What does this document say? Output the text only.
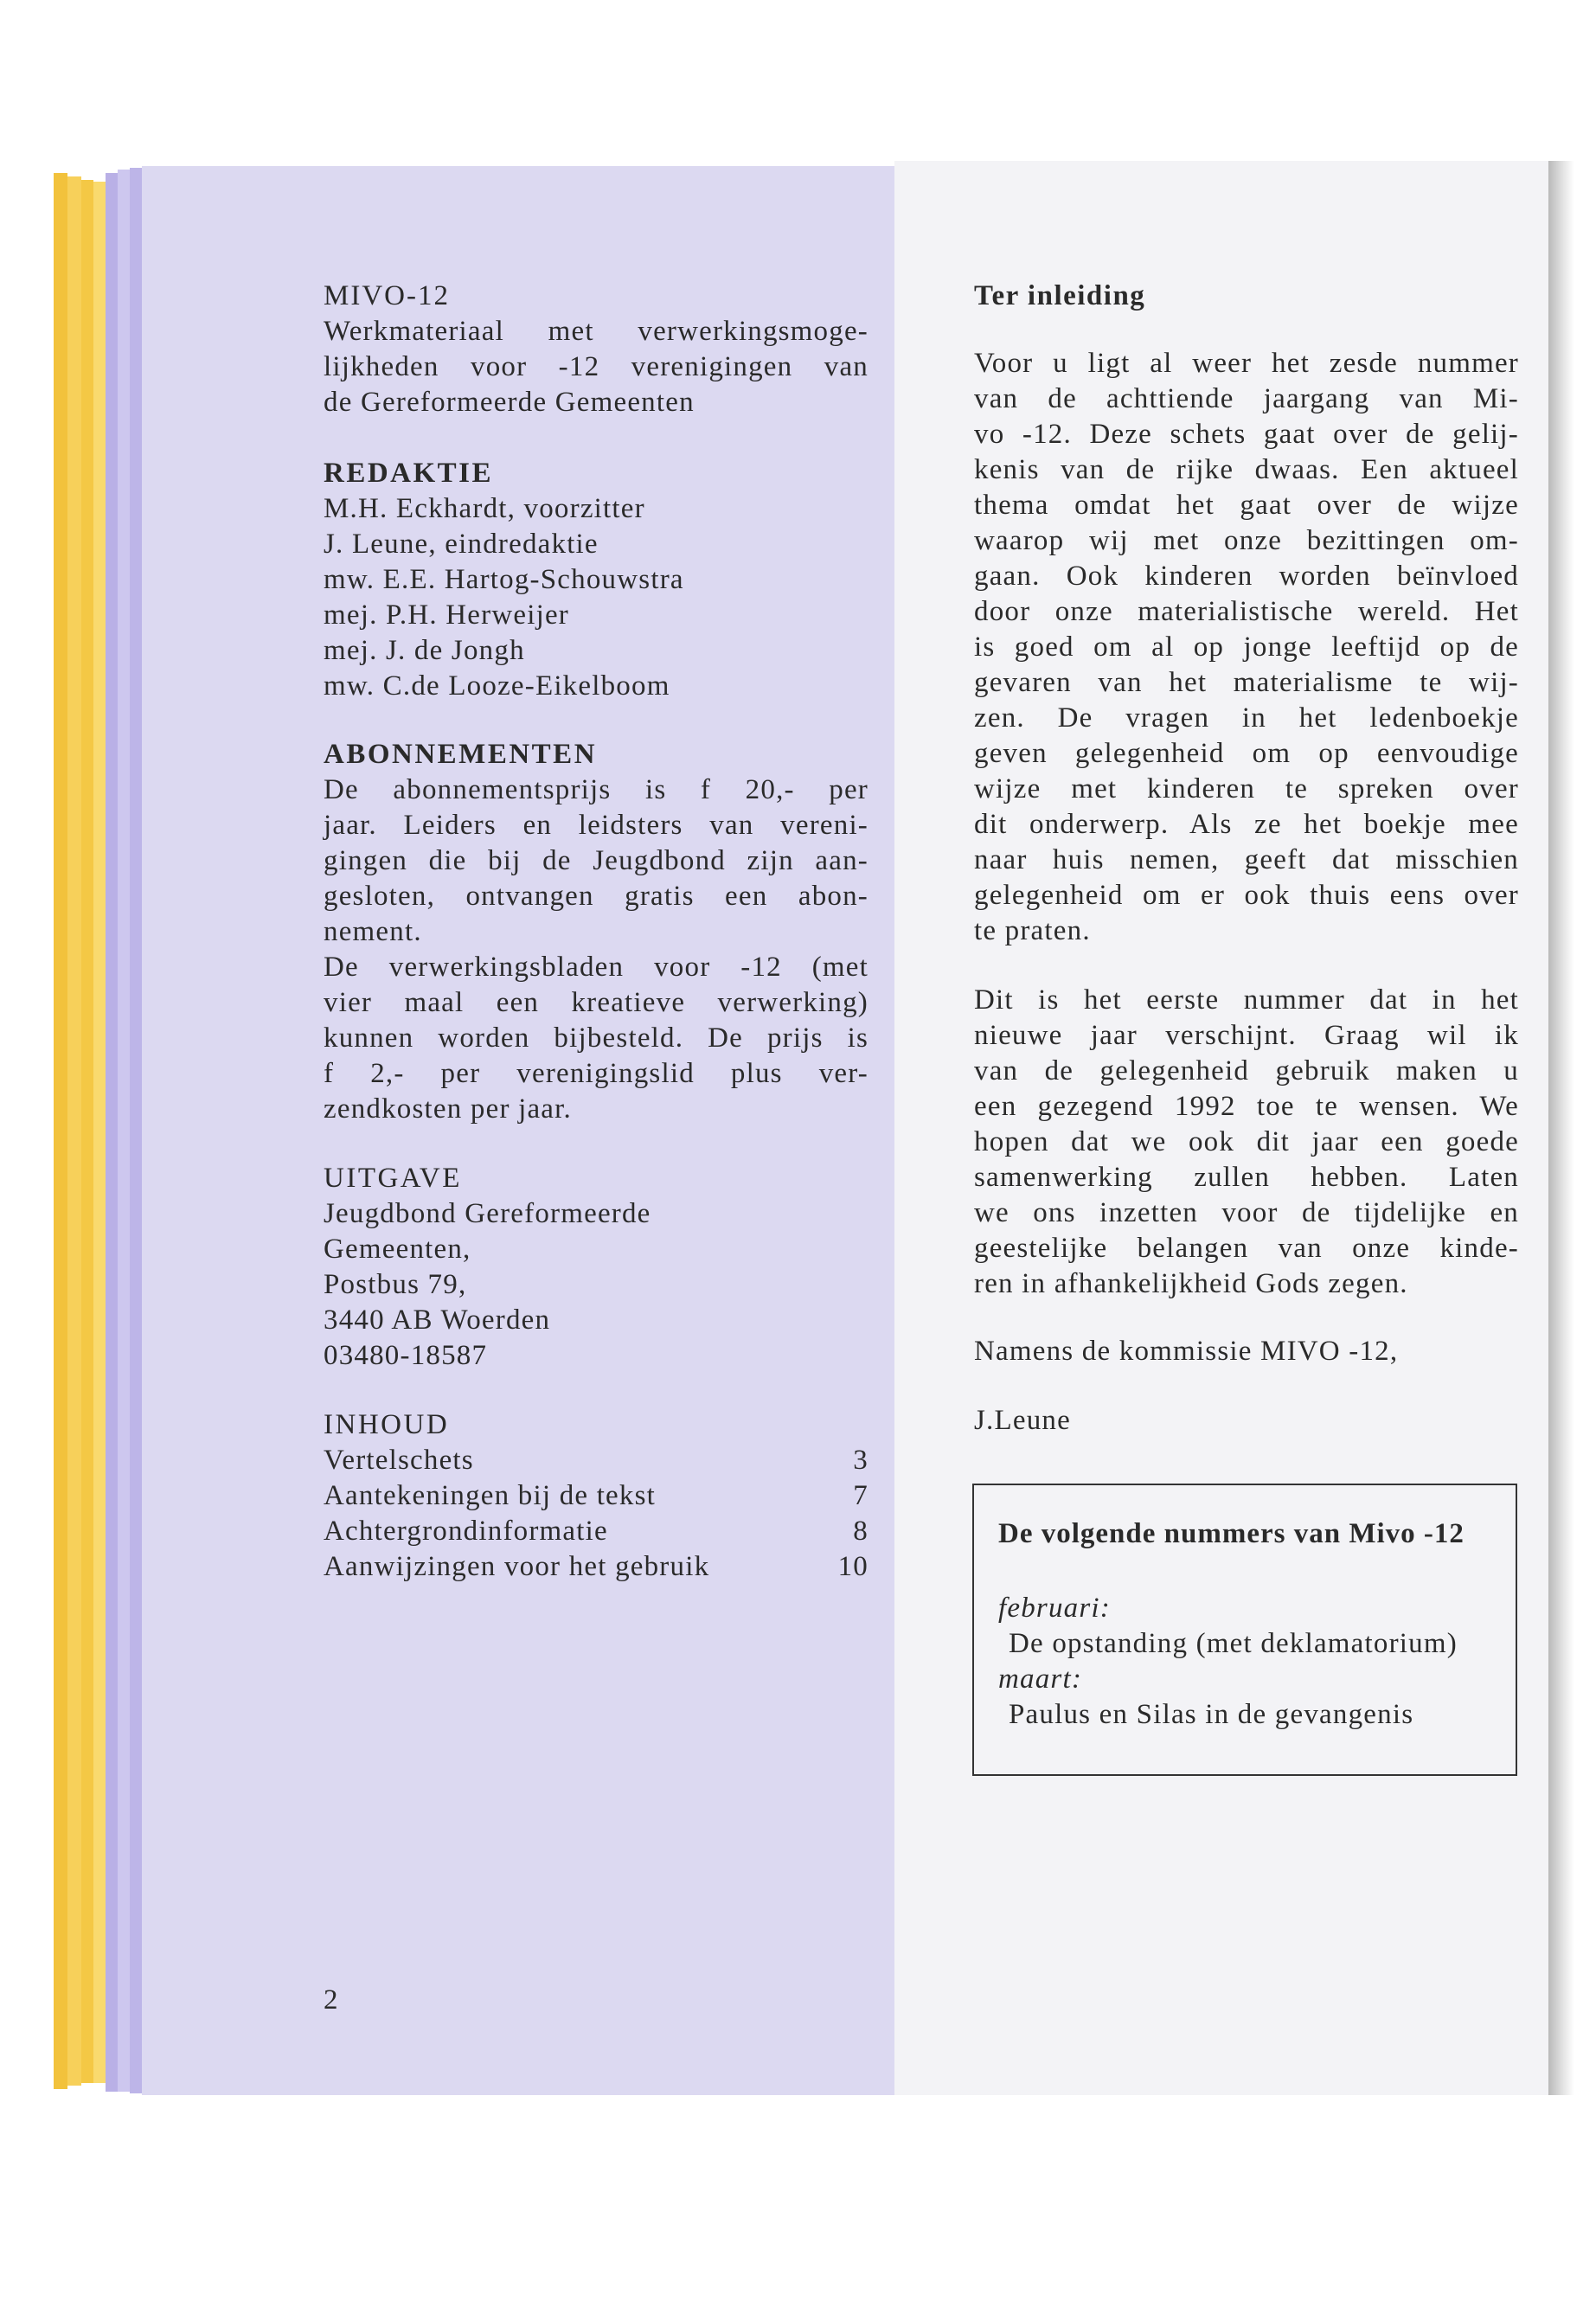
MIVO-12

Werkmateriaal met verwerkingsmoge-

lijkheden voor -12 verenigingen van

de Gereformeerde Gemeenten

REDAKTIE

M.H. Eckhardt, voorzitter

J. Leune, eindredaktie

mw. E.E. Hartog-Schouwstra

mej. P.H. Herweijer

mej. J. de Jongh

mw. C.de Looze-Eikelboom

ABONNEMENTEN

De abonnementsprijs is f 20,- per

jaar. Leiders en leidsters van vereni-

gingen die bij de Jeugdbond zijn aan-

gesloten, ontvangen gratis een abon-

nement.

De verwerkingsbladen voor -12 (met

vier maal een kreatieve verwerking)

kunnen worden bijbesteld. De prijs is

f 2,- per verenigingslid plus ver-

zendkosten per jaar.

UITGAVE

Jeugdbond Gereformeerde

Gemeenten,

Postbus 79,

3440 AB Woerden

03480-18587

INHOUD

Vertelschets	3
Aantekeningen bij de tekst	7
Achtergrondinformatie	8
Aanwijzingen voor het gebruik	10

2

Ter inleiding

Voor u ligt al weer het zesde nummer

van de achttiende jaargang van Mi-

vo -12. Deze schets gaat over de gelij-

kenis van de rijke dwaas. Een aktueel

thema omdat het gaat over de wijze

waarop wij met onze bezittingen om-

gaan. Ook kinderen worden beïnvloed

door onze materialistische wereld. Het

is goed om al op jonge leeftijd op de

gevaren van het materialisme te wij-

zen. De vragen in het ledenboekje

geven gelegenheid om op eenvoudige

wijze met kinderen te spreken over

dit onderwerp. Als ze het boekje mee

naar huis nemen, geeft dat misschien

gelegenheid om er ook thuis eens over

te praten.

Dit is het eerste nummer dat in het

nieuwe jaar verschijnt. Graag wil ik

van de gelegenheid gebruik maken u

een gezegend 1992 toe te wensen. We

hopen dat we ook dit jaar een goede

samenwerking zullen hebben. Laten

we ons inzetten voor de tijdelijke en

geestelijke belangen van onze kinde-

ren in afhankelijkheid Gods zegen.

Namens de kommissie MIVO -12,

J.Leune

De volgende nummers van Mivo -12

februari:

De opstanding (met deklamatorium)

maart:

Paulus en Silas in de gevangenis
